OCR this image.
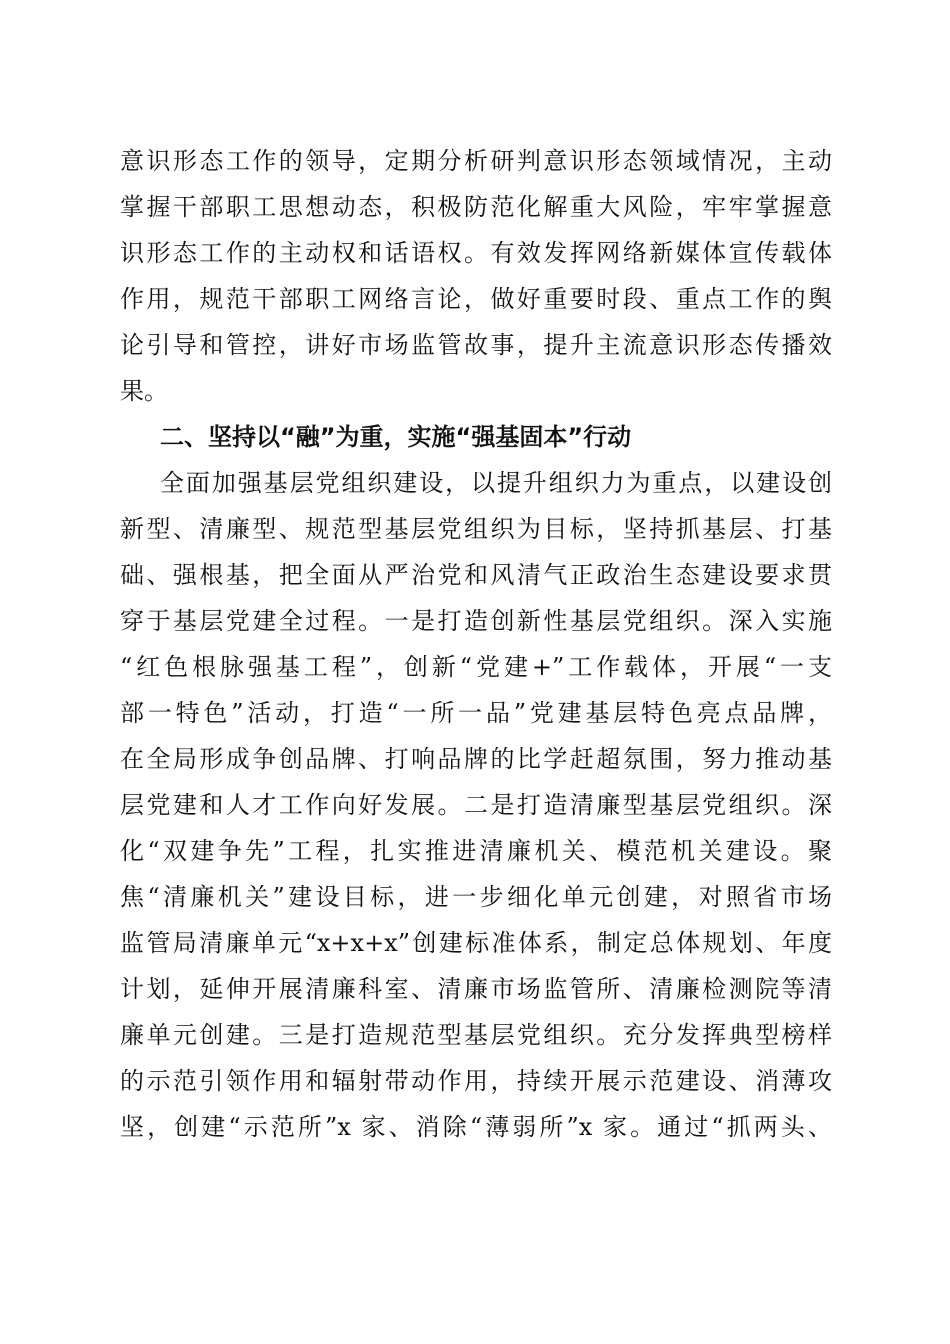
意识形态工作的领导，定期分析研判意识形态领域情况，主动
掌握干部职工思想动态，积极防范化解重大风险，牢牢掌握意
识形态工作的主动权和话语权。有效发挥网络新媒体宣传载体
作用，规范干部职工网络言论，做好重要时段、重点工作的舆
论引导和管控，讲好市场监管故事，提升主流意识形态传播效
果。
二、坚持以“融”为重，实施“强基固本”行动
全面加强基层党组织建设，以提升组织力为重点，以建设创
新型、清廉型、规范型基层党组织为目标，坚持抓基层、打基
础、强根基，把全面从严治党和风清气正政治生态建设要求贯
穿于基层党建全过程。一是打造创新性基层党组织。深入实施
“红色根脉强基工程”，创新“党建+”工作载体，开展“一支
部一特色”活动，打造“一所一品”党建基层特色亮点品牌，
在全局形成争创品牌、打响品牌的比学赶超氛围，努力推动基
层党建和人才工作向好发展。二是打造清廉型基层党组织。深
化“双建争先”工程，扎实推进清廉机关、模范机关建设。聚
焦“清廉机关”建设目标，进一步细化单元创建，对照省市场
监管局清廉单元“x+x+x”创建标准体系，制定总体规划、年度
计划，延伸开展清廉科室、清廉市场监管所、清廉检测院等清
廉单元创建。三是打造规范型基层党组织。充分发挥典型榜样
的示范引领作用和辐射带动作用，持续开展示范建设、消薄攻
坚，创建“示范所”x 家、消除“薄弱所”x 家。通过“抓两头、
